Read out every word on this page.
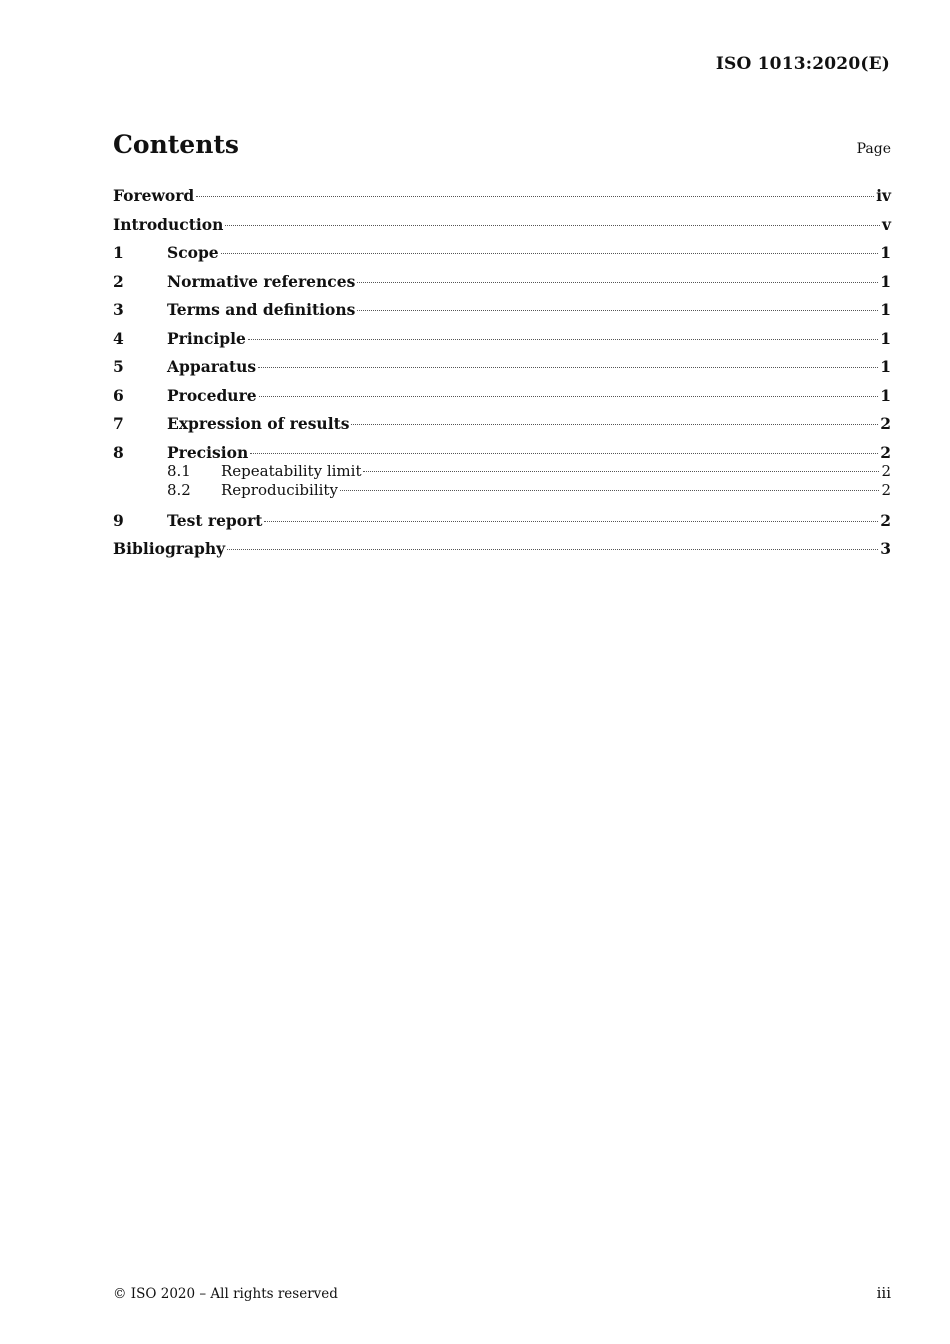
ISO 1013:2020(E)
Contents	Page
Foreword	iv
Introduction	v
1	Scope	1
2	Normative references	1
3	Terms and definitions	1
4	Principle	1
5	Apparatus	1
6	Procedure	1
7	Expression of results	2
8	Precision	2
8.1	Repeatability limit	2
8.2	Reproducibility	2
9	Test report	2
Bibliography	3
© ISO 2020 – All rights reserved	iii
